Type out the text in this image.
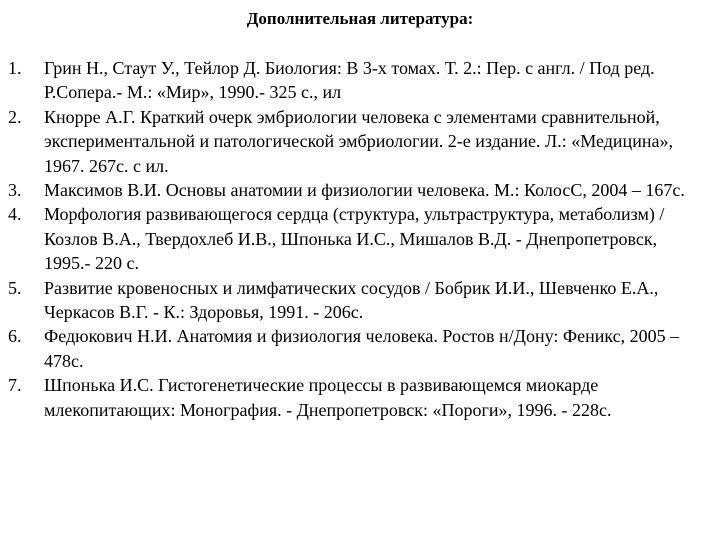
Дополнительная литература:
1. Грин Н., Стаут У., Тейлор Д. Биология: В 3-х томах. Т. 2.: Пер. с англ. / Под ред. Р.Сопера.- М.: «Мир», 1990.- 325 с., ил
2. Кнорре А.Г. Краткий очерк эмбриологии человека с элементами сравнительной, экспериментальной и патологической эмбриологии. 2-е издание. Л.: «Медицина», 1967. 267с. с ил.
3. Максимов В.И. Основы анатомии и физиологии человека. М.: КолосС, 2004 – 167с.
4. Морфология развивающегося сердца (структура, ультраструктура, метаболизм) / Козлов В.А., Твердохлеб И.В., Шпонька И.С., Мишалов В.Д. - Днепропетровск, 1995.- 220 с.
5. Развитие кровеносных и лимфатических сосудов / Бобрик И.И., Шевченко Е.А., Черкасов В.Г. - К.: Здоровья, 1991. - 206с.
6. Федюкович Н.И. Анатомия и физиология человека. Ростов н/Дону: Феникс, 2005 – 478с.
7. Шпонька И.С. Гистогенетические процессы в развивающемся миокарде млекопитающих: Монография. - Днепропетровск: «Пороги», 1996. - 228с.
